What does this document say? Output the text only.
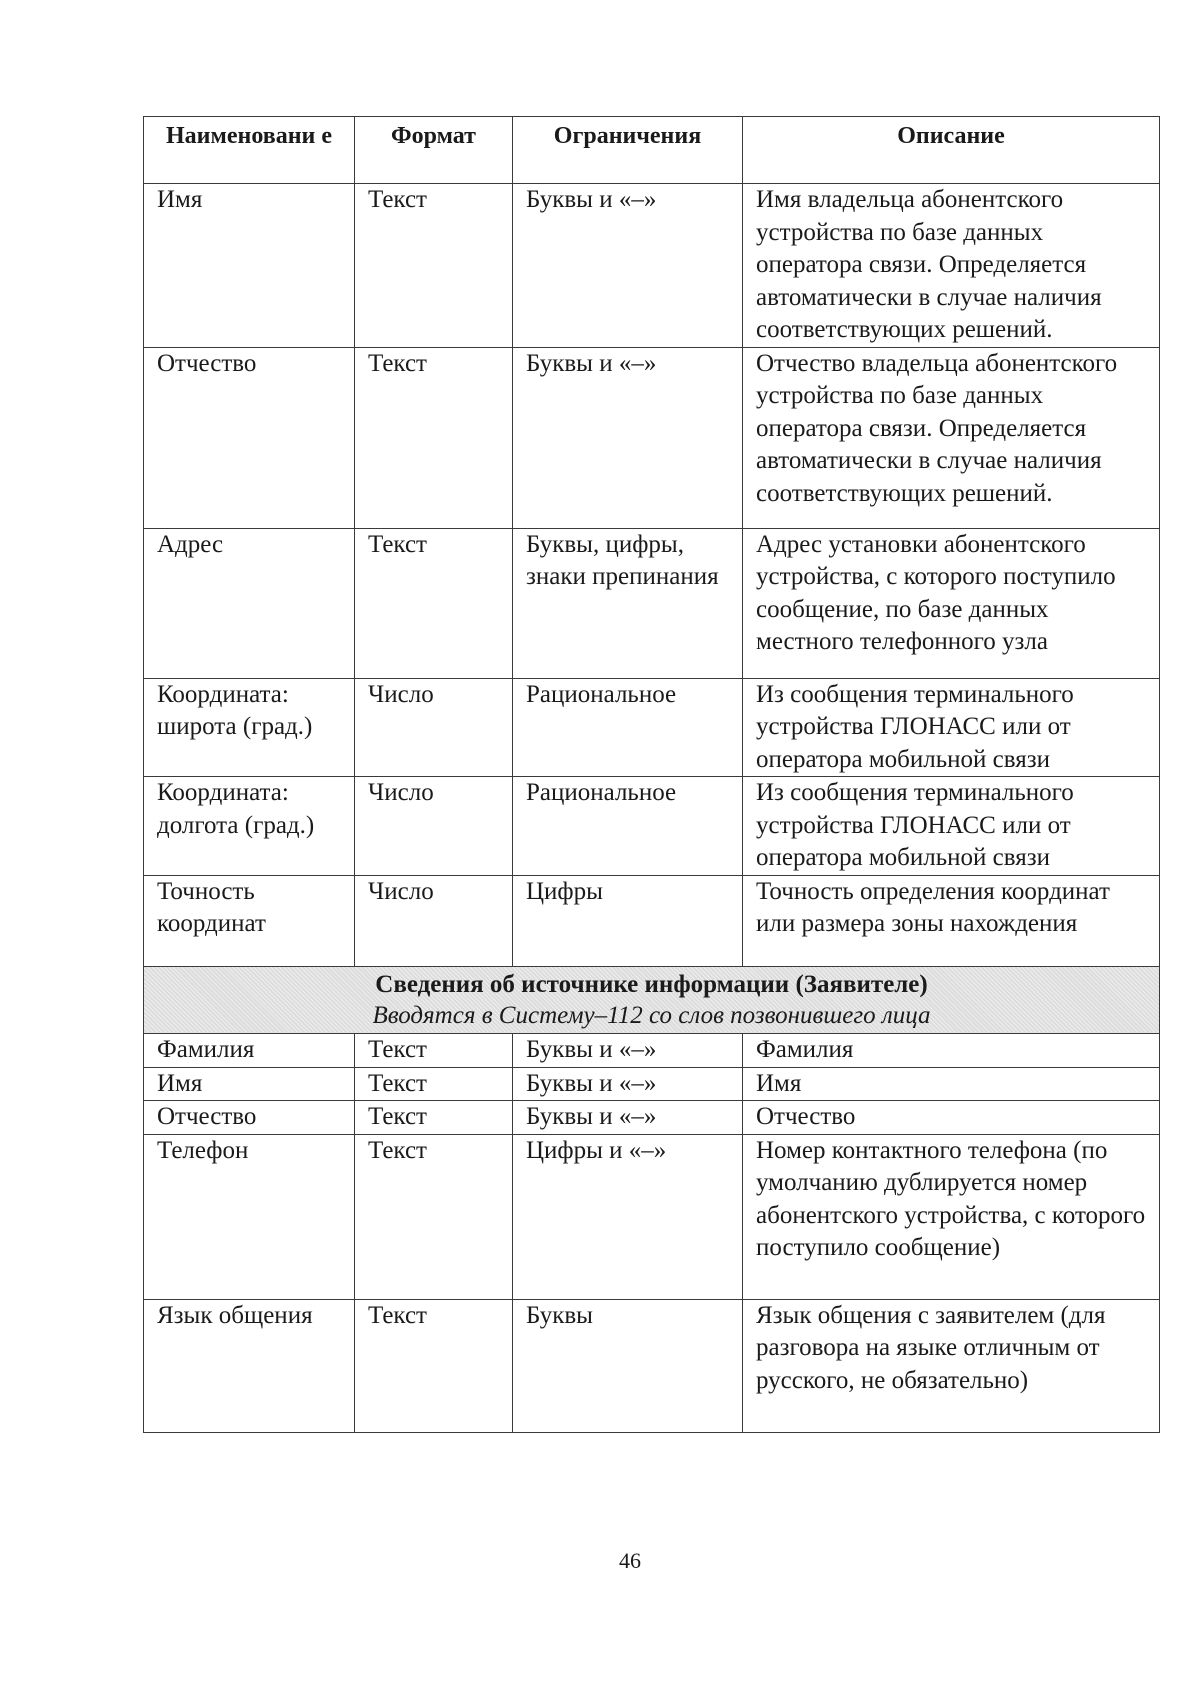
Наименовани е	Формат	Ограничения	Описание
Имя	Текст	Буквы и «–»	Имя владельца абонентского устройства по базе данных оператора связи. Определяется автоматически в случае наличия соответствующих решений.
Отчество	Текст	Буквы и «–»	Отчество владельца абонентского устройства по базе данных оператора связи. Определяется автоматически в случае наличия соответствующих решений.
Адрес	Текст	Буквы, цифры, знаки препинания	Адрес установки абонентского устройства, с которого поступило сообщение, по базе данных местного телефонного узла
Координата: широта (град.)	Число	Рациональное	Из сообщения терминального устройства ГЛОНАСС или от оператора мобильной связи
Координата: долгота (град.)	Число	Рациональное	Из сообщения терминального устройства ГЛОНАСС или от оператора мобильной связи
Точность координат	Число	Цифры	Точность определения координат или размера зоны нахождения

Сведения об источнике информации (Заявителе)
Вводятся в Систему–112 со слов позвонившего лица			

Фамилия	Текст	Буквы и «–»	Фамилия
Имя	Текст	Буквы и «–»	Имя
Отчество	Текст	Буквы и «–»	Отчество
Телефон	Текст	Цифры и «–»	Номер контактного телефона (по умолчанию дублируется номер абонентского устройства, с которого поступило сообщение)
Язык общения	Текст	Буквы	Язык общения с заявителем (для разговора на языке отличным от русского, не обязательно)
46
